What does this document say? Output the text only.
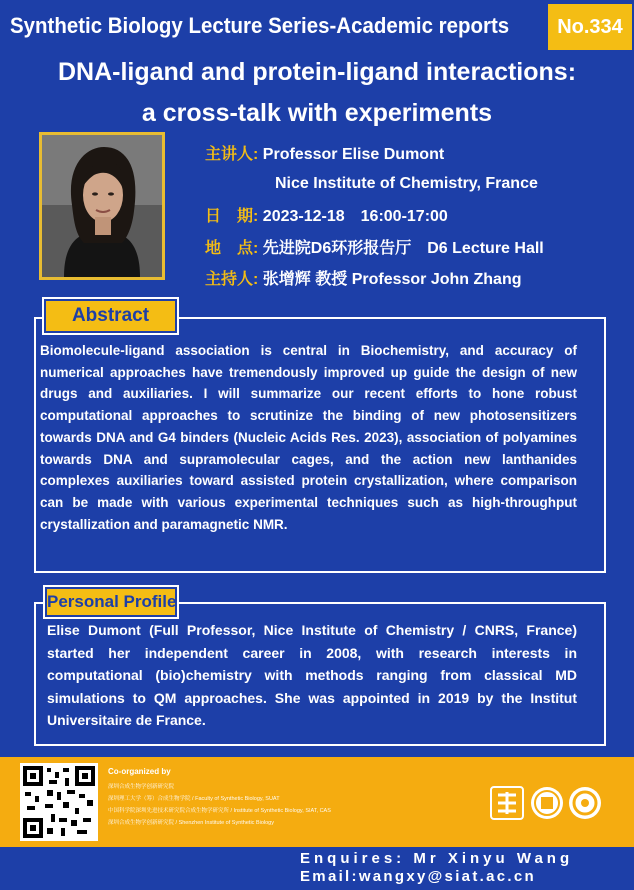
Synthetic Biology Lecture Series-Academic reports	No.334
DNA-ligand and protein-ligand interactions:
a cross-talk with experiments
主讲人: Professor Elise Dumont
Nice Institute of Chemistry, France
日　期: 2023-12-18　16:00-17:00
地　点: 先进院D6环形报告厅　D6 Lecture Hall
主持人: 张增辉 教授 Professor John Zhang
Abstract
Biomolecule-ligand association is central in Biochemistry, and accuracy of numerical approaches have tremendously improved up guide the design of new drugs and auxiliaries. I will summarize our recent efforts to hone robust computational approaches to scrutinize the binding of new photosensitizers towards DNA and G4 binders (Nucleic Acids Res. 2023), association of polyamines towards DNA and supramolecular cages, and the action new lanthanides complexes auxiliaries toward assisted protein crystallization, where comparison can be made with various experimental techniques such as high-throughput crystallization and paramagnetic NMR.
Personal Profile
Elise Dumont (Full Professor, Nice Institute of Chemistry / CNRS, France) started her independent career in 2008, with research interests in computational (bio)chemistry with methods ranging from classical MD simulations to QM approaches. She was appointed in 2019 by the Institut Universitaire de France.
Co-organized by
深圳合成生物学创新研究院
深圳理工大学（筹）合成生物学院 / Faculty of Synthetic Biology, SUAT
中国科学院深圳先进技术研究院合成生物学研究所 / Institute of Synthetic Biology, SIAT, CAS
深圳合成生物学创新研究院 / Shenzhen Institute of Synthetic Biology
Enquires: Mr Xinyu Wang
Email:wangxy@siat.ac.cn
